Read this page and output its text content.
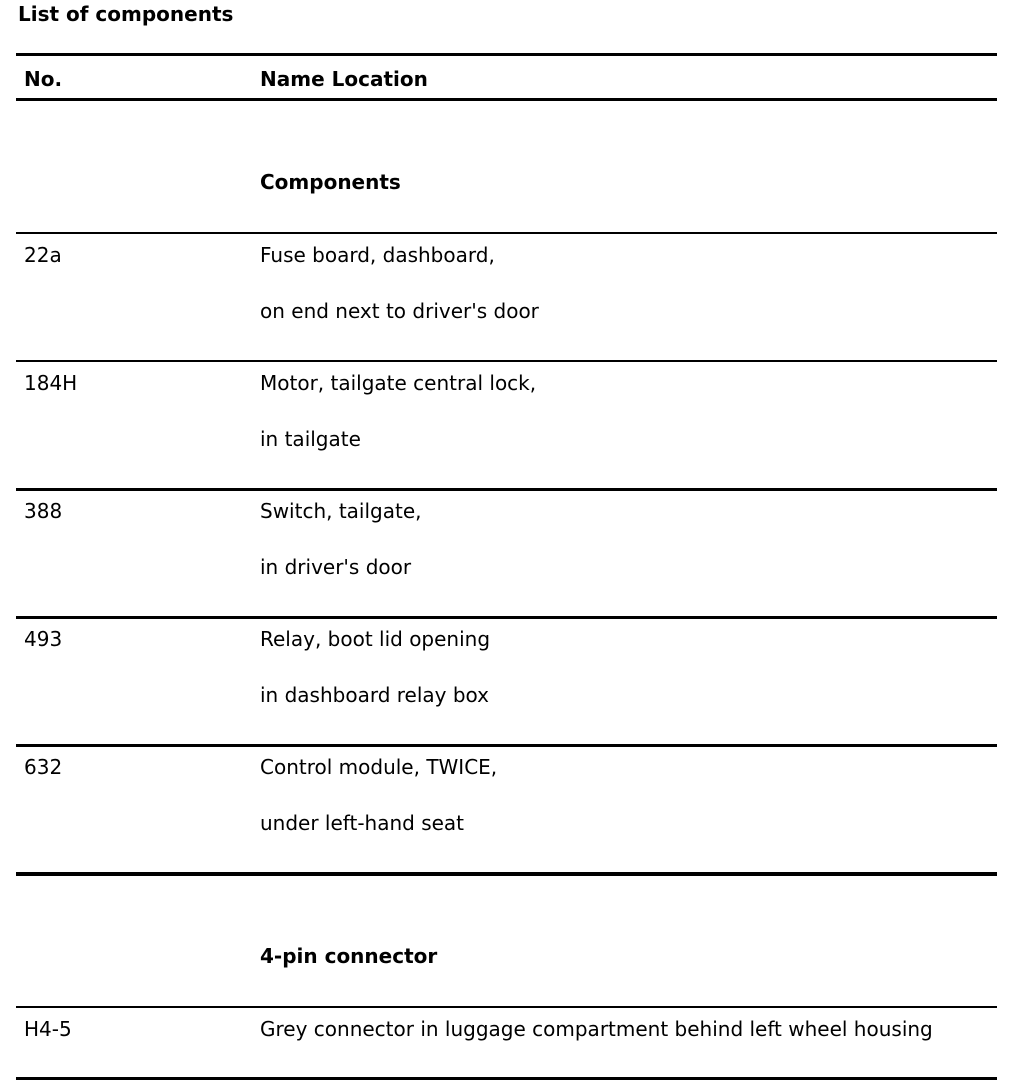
List of components
No.	Name Location
Components
22a	Fuse board, dashboard,
on end next to driver's door
184H	Motor, tailgate central lock,
in tailgate
388	Switch, tailgate,
in driver's door
493	Relay, boot lid opening
in dashboard relay box
632	Control module, TWICE,
under left-hand seat
4-pin connector
H4-5	Grey connector in luggage compartment behind left wheel housing
